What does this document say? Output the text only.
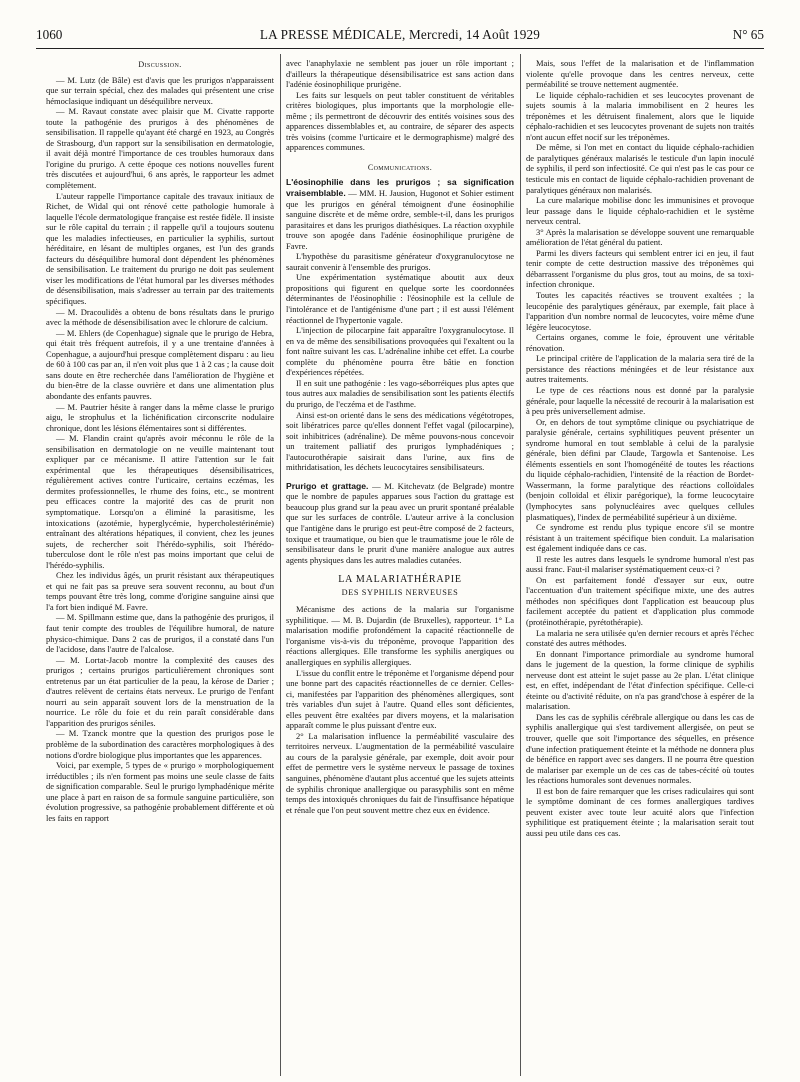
1060	LA PRESSE MÉDICALE, Mercredi, 14 Août 1929	N° 65

Discussion.

— M. Lutz (de Bâle) est d'avis que les prurigos n'apparaissent que sur terrain spécial, chez des malades qui présentent une crise hémoclasique indiquant un déséquilibre nerveux.

— M. Ravaut constate avec plaisir que M. Civatte rapporte toute la pathogénie des prurigos à des phénomènes de sensibilisation. Il rappelle qu'ayant été chargé en 1923, au Congrès de Strasbourg, d'un rapport sur la sensibilisation en dermatologie, il avait déjà montré l'importance de ces troubles humoraux dans l'origine du prurigo. A cette époque ces notions nouvelles furent très discutées et aujourd'hui, 6 ans après, le rapporteur les admet complètement.

L'auteur rappelle l'importance capitale des travaux initiaux de Richet, de Widal qui ont rénové cette pathologie humorale à laquelle l'école dermatologique française est restée fidèle. Il insiste sur le rôle capital du terrain ; il rappelle qu'il a toujours soutenu que les maladies infectieuses, en particulier la syphilis, surtout héréditaire, en lésant de multiples organes, est l'un des grands facteurs du déséquilibre humoral dont dépendent les phénomènes de sensibilisation. Le traitement du prurigo ne doit pas seulement viser les modifications de l'état humoral par les diverses méthodes de désensibilisation, mais s'adresser au terrain par des traitements spécifiques.

— M. Dracoulidès a obtenu de bons résultats dans le prurigo avec la méthode de désensibilisation avec le chlorure de calcium.

— M. Ehlers (de Copenhague) signale que le prurigo de Hebra, qui était très fréquent autrefois, il y a une trentaine d'années à Copenhague, a aujourd'hui presque complètement disparu : au lieu de 60 à 100 cas par an, il n'en voit plus que 1 à 2 cas ; la cause doit sans doute en être recherchée dans l'amélioration de l'hygiène et du bien-être de la classe ouvrière et dans une alimentation plus abondante des enfants pauvres.

— M. Pautrier hésite à ranger dans la même classe le prurigo aigu, le strophulus et la lichénification circonscrite nodulaire chronique, dont les lésions élémentaires sont si différentes.

— M. Flandin craint qu'après avoir méconnu le rôle de la sensibilisation en dermatologie on ne veuille maintenant tout expliquer par ce mécanisme. Il attire l'attention sur le fait expérimental que les thérapeutiques désensibilisatrices, régulièrement actives contre l'urticaire, certains eczémas, les dermites professionnelles, le rhume des foins, etc., se montrent peu efficaces contre la majorité des cas de prurit non symptomatique. Lorsqu'on a éliminé la parasitisme, les intoxications (azotémie, hyperglycémie, hypercholestérinémie) entraînant des altérations hépatiques, il convient, chez les jeunes sujets, de rechercher soit l'hérédo-syphilis, soit l'hérédo-tuberculose dont le rôle n'est pas moins important que celui de l'hérédo-syphilis.

Chez les individus âgés, un prurit résistant aux thérapeutiques et qui ne fait pas sa preuve sera souvent reconnu, au bout d'un temps pouvant être très long, comme d'origine sanguine ainsi que l'a fort bien indiqué M. Favre.

— M. Spillmann estime que, dans la pathogénie des prurigos, il faut tenir compte des troubles de l'équilibre humoral, de nature physico-chimique. Dans 2 cas de prurigos, il a constaté dans l'un de l'acidose, dans l'autre de l'alcalose.

— M. Lortat-Jacob montre la complexité des causes des prurigos ; certains prurigos particulièrement chroniques sont entretenus par un état particulier de la peau, la kérose de Darier ; d'autres relèvent de certains états nerveux. Le prurigo de l'enfant nourri au sein apparaît souvent lors de la menstruation de la nourrice. Le rôle du foie et du rein paraît considérable dans l'apparition des prurigos séniles.

— M. Tzanck montre que la question des prurigos pose le problème de la subordination des caractères morphologiques à des notions d'ordre biologique plus importantes que les apparences.

Voici, par exemple, 5 types de « prurigo » morphologiquement irréductibles ; ils n'en forment pas moins une seule classe de faits de signification comparable. Seul le prurigo lymphadénique mérite une place à part en raison de sa formule sanguine particulière, son évolution progressive, sa pathogénie probablement différente et où les faits en rapport

avec l'anaphylaxie ne semblent pas jouer un rôle important ; d'ailleurs la thérapeutique désensibilisatrice est sans action dans l'adénie éosinophilique prurigène.

Les faits sur lesquels on peut tabler constituent de véritables critères biologiques, plus importants que la morphologie elle-même ; ils permettront de découvrir des entités voisines sous des apparences dissemblables et, au contraire, de séparer des aspects très voisins (comme l'urticaire et le dermographisme) malgré des apparences communes.

Communications.

L'éosinophilie dans les prurigos ; sa signification vraisemblable. — MM. H. Jausion, Hugonot et Sohier estiment que les prurigos en général témoignent d'une éosinophilie sanguine discrète et de même ordre, semble-t-il, dans les prurigos parasitaires et dans les prurigos diathésiques. La réaction oxyphile trouve son apogée dans l'adénie éosinophilique prurigène de Favre.

L'hypothèse du parasitisme générateur d'oxygranulocytose ne saurait convenir à l'ensemble des prurigos.

Une expérimentation systématique aboutit aux deux propositions qui figurent en quelque sorte les coordonnées déterminantes de l'éosinophilie : l'éosinophile est la cellule de l'intolérance et de l'antigénisme d'une part ; il est aussi l'élément réactionnel de l'hypertonie vagale.

L'injection de pilocarpine fait apparaître l'oxygranulocytose. Il en va de même des sensibilisations provoquées qui l'exaltent ou la font naître suivant les cas. L'adrénaline inhibe cet effet. La courbe complète du phénomène pourra être bâtie en fonction d'expériences répétées.

Il en suit une pathogénie : les vago-séborréiques plus aptes que tous autres aux maladies de sensibilisation sont les patients électifs du prurigo, de l'eczéma et de l'asthme.

Ainsi est-on orienté dans le sens des médications végétotropes, soit libératrices parce qu'elles donnent l'effet vagal (pilocarpine), soit inhibitrices (adrénaline). De même pouvons-nous concevoir un traitement palliatif des prurigos lymphadéniques ; l'autocurothérapie saisirait dans l'urine, aux fins de mithridatisation, les déchets leucocytaires sensibilisateurs.

Prurigo et grattage. — M. Kitchevatz (de Belgrade) montre que le nombre de papules apparues sous l'action du grattage est beaucoup plus grand sur la peau avec un prurit spontané préalable que sur les surfaces de contrôle. L'auteur arrive à la conclusion que l'antigène dans le prurigo est peut-être composé de 2 facteurs, toxique et traumatique, ou bien que le traumatisme joue le rôle de sensibilisateur dans le prurit d'une manière analogue aux autres agents physiques dans les autres maladies cutanées.

LA MALARIATHÉRAPIE

DES SYPHILIS NERVEUSES

Mécanisme des actions de la malaria sur l'organisme syphilitique. — M. B. Dujardin (de Bruxelles), rapporteur. 1° La malarisation modifie profondément la capacité réactionnelle de l'organisme vis-à-vis du tréponème, provoque l'apparition des réactions allergiques. Elle transforme les syphilis anergiques ou anallergiques en syphilis allergiques.

L'issue du conflit entre le tréponème et l'organisme dépend pour une bonne part des capacités réactionnelles de ce dernier. Celles-ci, manifestées par l'apparition des phénomènes allergiques, sont très variables d'un sujet à l'autre. Quand elles sont déficientes, elles peuvent être exaltées par divers moyens, et la malarisation apparaît comme le plus puissant d'entre eux.

2° La malarisation influence la perméabilité vasculaire des territoires nerveux. L'augmentation de la perméabilité vasculaire au cours de la paralysie générale, par exemple, doit avoir pour effet de permettre vers le système nerveux le passage de toxines sanguines, phénomène d'autant plus accentué que les sujets atteints de syphilis chronique anallergique ou parasyphilis sont en même temps des intoxiqués chroniques du fait de l'insuffisance hépatique et rénale que l'on peut souvent mettre chez eux en évidence.

Mais, sous l'effet de la malarisation et de l'inflammation violente qu'elle provoque dans les centres nerveux, cette perméabilité se trouve nettement augmentée.

Le liquide céphalo-rachidien et ses leucocytes provenant de sujets soumis à la malaria immobilisent en 2 heures les tréponèmes et les détruisent finalement, alors que le liquide céphalo-rachidien et ses leucocytes provenant de sujets non traités n'ont aucun effet nocif sur les tréponèmes.

De même, si l'on met en contact du liquide céphalo-rachidien de paralytiques généraux malarisés le testicule d'un lapin inoculé de syphilis, il perd son infectiosité. Ce qui n'est pas le cas pour ce testicule mis en contact de liquide céphalo-rachidien provenant de paralytiques généraux non malarisés.

La cure malarique mobilise donc les immunisines et provoque leur passage dans le liquide céphalo-rachidien et le système nerveux central.

3° Après la malarisation se développe souvent une remarquable amélioration de l'état général du patient.

Parmi les divers facteurs qui semblent entrer ici en jeu, il faut tenir compte de cette destruction massive des tréponèmes qui débarrassent l'organisme du plus gros, tout au moins, de sa toxi-infection chronique.

Toutes les capacités réactives se trouvent exaltées ; la leucopénie des paralytiques généraux, par exemple, fait place à l'apparition d'un nombre normal de leucocytes, voire même d'une légère leucocytose.

Certains organes, comme le foie, éprouvent une véritable rénovation.

Le principal critère de l'application de la malaria sera tiré de la persistance des réactions méningées et de leur résistance aux autres traitements.

Le type de ces réactions nous est donné par la paralysie générale, pour laquelle la nécessité de recourir à la malarisation est à peu près universellement admise.

Or, en dehors de tout symptôme clinique ou psychiatrique de paralysie générale, certains syphilitiques peuvent présenter un syndrome humoral en tout semblable à celui de la paralysie générale, bien défini par Claude, Targowla et Santenoise. Les éléments essentiels en sont l'homogénéité de toutes les réactions du liquide céphalo-rachidien, l'intensité de la réaction de Bordet-Wassermann, la forme paralytique des réactions colloïdales (benjoin colloïdal et élixir parégorique), la forme leucocytaire (lymphocytes sans polynucléaires avec quelques cellules plasmatiques), l'index de perméabilité supérieur à un dixième.

Ce syndrome est rendu plus typique encore s'il se montre résistant à un traitement spécifique bien conduit. La malarisation est également indiquée dans ce cas.

Il reste les autres dans lesquels le syndrome humoral n'est pas aussi franc. Faut-il malariser systématiquement ceux-ci ?

On est parfaitement fondé d'essayer sur eux, outre l'accentuation d'un traitement spécifique mixte, une des autres méthodes non spécifiques dont l'application est beaucoup plus facilement acceptée du patient et d'application plus commode (protéinothérapie, pyrétothérapie).

La malaria ne sera utilisée qu'en dernier recours et après l'échec constaté des autres méthodes.

En donnant l'importance primordiale au syndrome humoral dans le jugement de la question, la forme clinique de syphilis nerveuse dont est atteint le sujet passe au 2e plan. L'état clinique est, en effet, indépendant de l'état d'infection spécifique. Celle-ci éteinte ou d'activité réduite, on n'a pas grand'chose à espérer de la malarisation.

Dans les cas de syphilis cérébrale allergique ou dans les cas de syphilis anallergique qui s'est tardivement allergisée, on peut se trouver, quelle que soit l'importance des séquelles, en présence d'une infection pratiquement éteinte et la méthode ne donnera plus de bénéfice en rapport avec ses dangers. Il ne pourra être question de malariser par exemple un de ces cas de tabes-cécité où toutes les réactions humorales sont devenues normales.

Il est bon de faire remarquer que les crises radiculaires qui sont le symptôme dominant de ces formes anallergiques tardives peuvent exister avec toute leur acuité alors que l'infection syphilitique est pratiquement éteinte ; la malarisation serait tout aussi peu utile dans ces cas.
